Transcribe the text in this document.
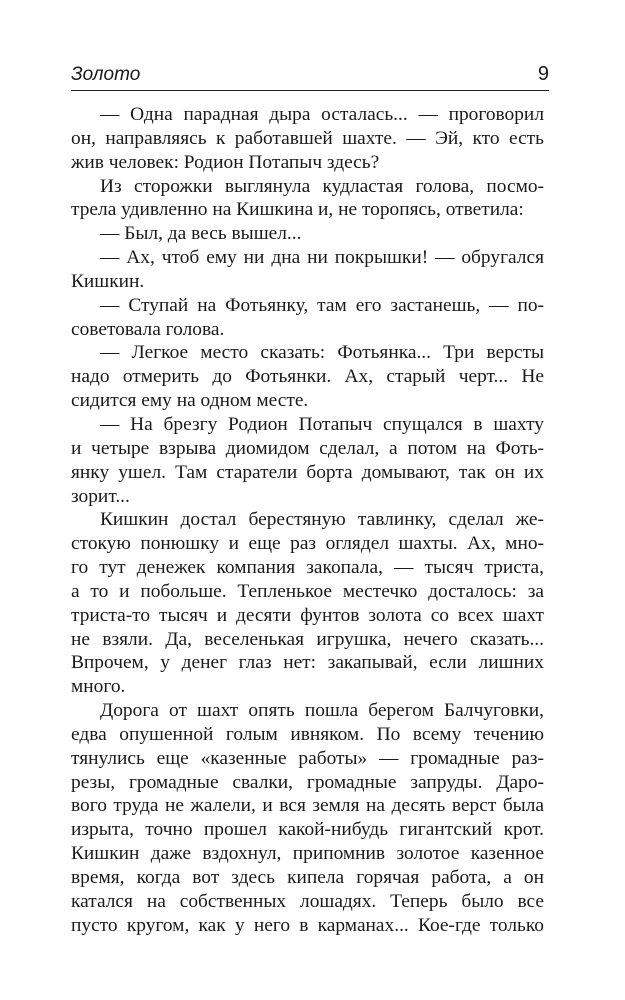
Золото	9

— Одна парадная дыра осталась... — проговорил
он, направляясь к работавшей шахте. — Эй, кто есть
жив человек: Родион Потапыч здесь?

Из сторожки выглянула кудластая голова, посмо-
трела удивленно на Кишкина и, не торопясь, ответила:

— Был, да весь вышел...

— Ах, чтоб ему ни дна ни покрышки! — обругался
Кишкин.

— Ступай на Фотьянку, там его застанешь, — по-
советовала голова.

— Легкое место сказать: Фотьянка... Три версты
надо отмерить до Фотьянки. Ах, старый черт... Не
сидится ему на одном месте.

— На брезгу Родион Потапыч спущался в шахту
и четыре взрыва диомидом сделал, а потом на Фоть-
янку ушел. Там старатели борта домывают, так он их
зорит...

Кишкин достал берестяную тавлинку, сделал же-
стокую понюшку и еще раз оглядел шахты. Ах, мно-
го тут денежек компания закопала, — тысяч триста,
а то и побольше. Тепленькое местечко досталось: за
триста-то тысяч и десяти фунтов золота со всех шахт
не взяли. Да, веселенькая игрушка, нечего сказать...
Впрочем, у денег глаз нет: закапывай, если лишних
много.

Дорога от шахт опять пошла берегом Балчуговки,
едва опушенной голым ивняком. По всему течению
тянулись еще «казенные работы» — громадные раз-
резы, громадные свалки, громадные запруды. Даро-
вого труда не жалели, и вся земля на десять верст была
изрыта, точно прошел какой-нибудь гигантский крот.
Кишкин даже вздохнул, припомнив золотое казенное
время, когда вот здесь кипела горячая работа, а он
катался на собственных лошадях. Теперь было все
пусто кругом, как у него в карманах... Кое-где только
